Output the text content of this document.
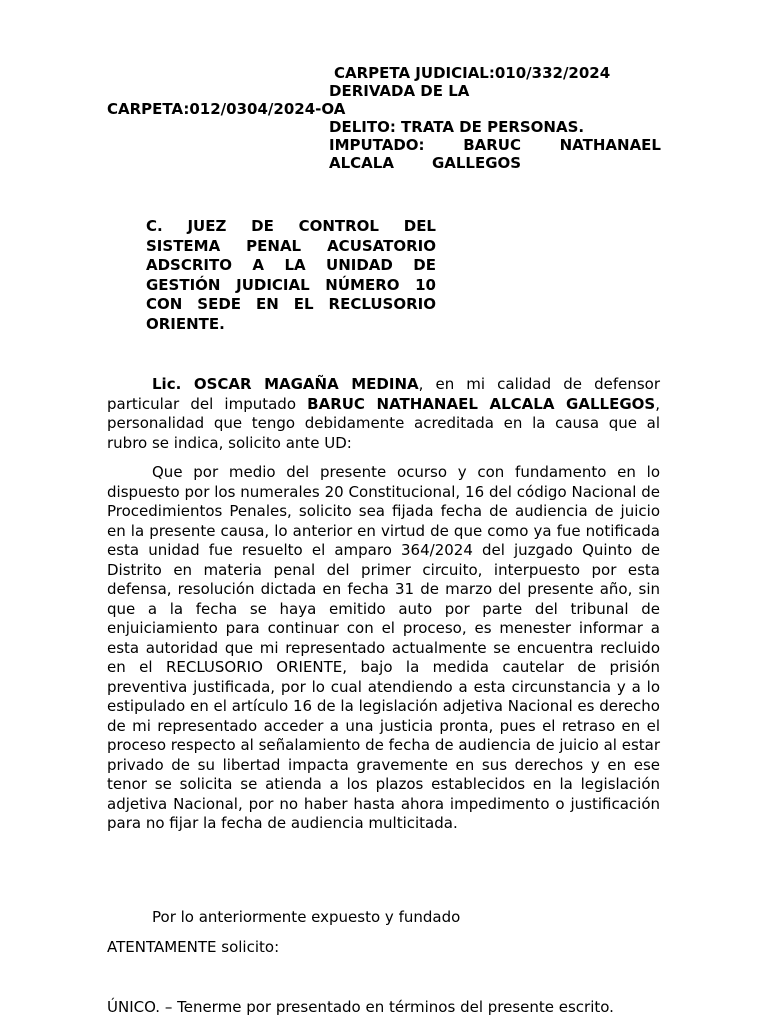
CARPETA JUDICIAL:010/332/2024
DERIVADA DE LA
CARPETA:012/0304/2024-OA
DELITO: TRATA DE PERSONAS.
IMPUTADO:	BARUC	NATHANAEL
ALCALA	GALLEGOS

C. JUEZ DE CONTROL DEL SISTEMA PENAL ACUSATORIO ADSCRITO A LA UNIDAD DE GESTIÓN JUDICIAL NÚMERO 10 CON SEDE EN EL RECLUSORIO ORIENTE.

Lic. OSCAR MAGAÑA MEDINA, en mi calidad de defensor particular del imputado BARUC NATHANAEL ALCALA GALLEGOS, personalidad que tengo debidamente acreditada en la causa que al rubro se indica, solicito ante UD:

Que por medio del presente ocurso y con fundamento en lo dispuesto por los numerales 20 Constitucional, 16 del código Nacional de Procedimientos Penales, solicito sea fijada fecha de audiencia de juicio en la presente causa, lo anterior en virtud de que como ya fue notificada esta unidad fue resuelto el amparo 364/2024 del juzgado Quinto de Distrito en materia penal del primer circuito, interpuesto por esta defensa, resolución dictada en fecha 31 de marzo del presente año, sin que a la fecha se haya emitido auto por parte del tribunal de enjuiciamiento para continuar con el proceso, es menester informar a esta autoridad que mi representado actualmente se encuentra recluido en el RECLUSORIO ORIENTE, bajo la medida cautelar de prisión preventiva justificada, por lo cual atendiendo a esta circunstancia y a lo estipulado en el artículo 16 de la legislación adjetiva Nacional es derecho de mi representado acceder a una justicia pronta, pues el retraso en el proceso respecto al señalamiento de fecha de audiencia de juicio al estar privado de su libertad impacta gravemente en sus derechos y en ese tenor se solicita se atienda a los plazos establecidos en la legislación adjetiva Nacional, por no haber hasta ahora impedimento o justificación para no fijar la fecha de audiencia multicitada.

Por lo anteriormente expuesto y fundado
ATENTAMENTE solicito:
ÚNICO. – Tenerme por presentado en términos del presente escrito.
